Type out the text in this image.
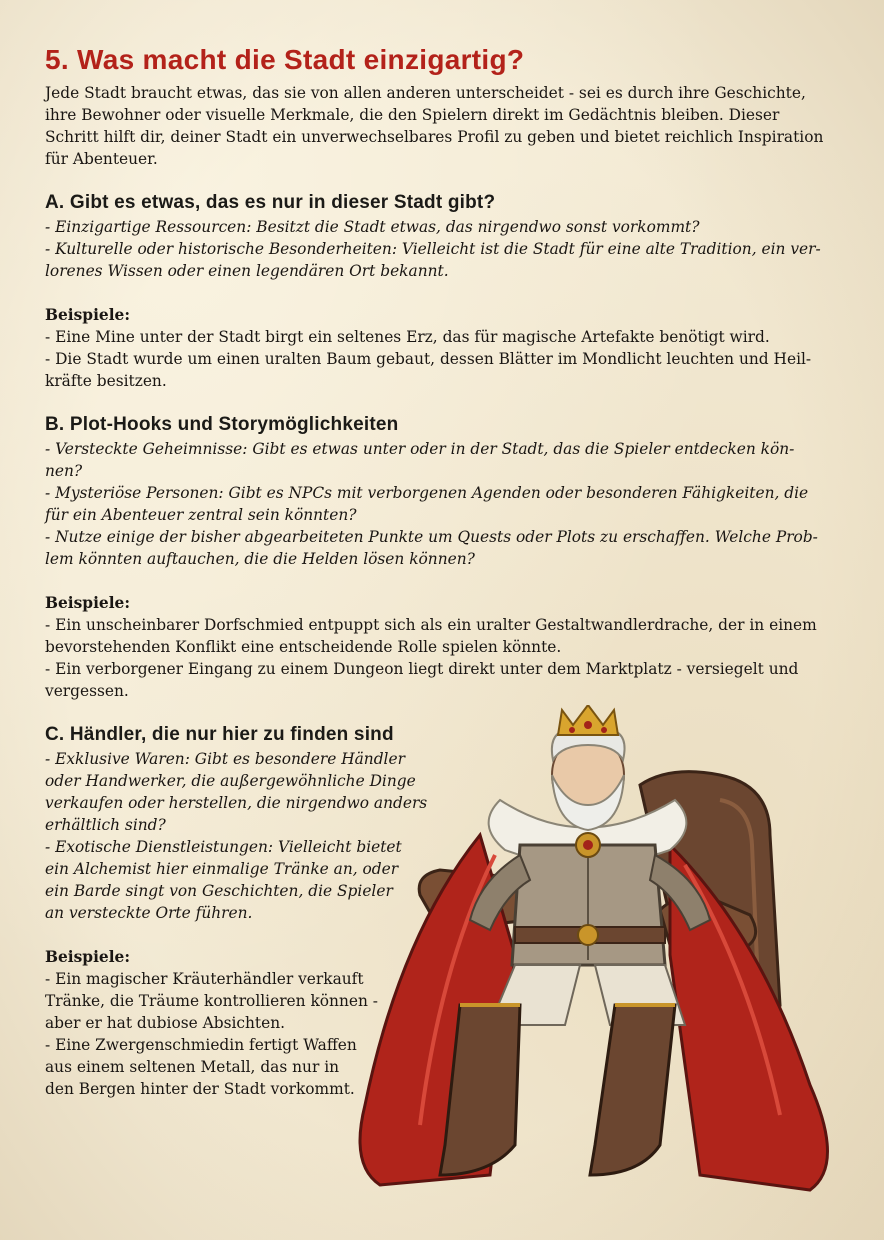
5. Was macht die Stadt einzigartig?

Jede Stadt braucht etwas, das sie von allen anderen unterscheidet - sei es durch ihre Geschichte,

ihre Bewohner oder visuelle Merkmale, die den Spielern direkt im Gedächtnis bleiben. Dieser

Schritt hilft dir, deiner Stadt ein unverwechselbares Profil zu geben und bietet reichlich Inspiration

für Abenteuer.

A. Gibt es etwas, das es nur in dieser Stadt gibt?

- Einzigartige Ressourcen: Besitzt die Stadt etwas, das nirgendwo sonst vorkommt?

- Kulturelle oder historische Besonderheiten: Vielleicht ist die Stadt für eine alte Tradition, ein ver-

lorenes Wissen oder einen legendären Ort bekannt.

Beispiele:

- Eine Mine unter der Stadt birgt ein seltenes Erz, das für magische Artefakte benötigt wird.

- Die Stadt wurde um einen uralten Baum gebaut, dessen Blätter im Mondlicht leuchten und Heil-

kräfte besitzen.

B. Plot-Hooks und Storymöglichkeiten

- Versteckte Geheimnisse: Gibt es etwas unter oder in der Stadt, das die Spieler entdecken kön-

nen?

- Mysteriöse Personen: Gibt es NPCs mit verborgenen Agenden oder besonderen Fähigkeiten, die

für ein Abenteuer zentral sein könnten?

- Nutze einige der bisher abgearbeiteten Punkte um Quests oder Plots zu erschaffen. Welche Prob-

lem könnten auftauchen, die die Helden lösen können?

Beispiele:

- Ein unscheinbarer Dorfschmied entpuppt sich als ein uralter Gestaltwandlerdrache, der in einem

bevorstehenden Konflikt eine entscheidende Rolle spielen könnte.

- Ein verborgener Eingang zu einem Dungeon liegt direkt unter dem Marktplatz - versiegelt und

vergessen.

C. Händler, die nur hier zu finden sind

- Exklusive Waren: Gibt es besondere Händler

oder Handwerker, die außergewöhnliche Dinge

verkaufen oder herstellen, die nirgendwo anders

erhältlich sind?

- Exotische Dienstleistungen: Vielleicht bietet

ein Alchemist hier einmalige Tränke an, oder

ein Barde singt von Geschichten, die Spieler

an versteckte Orte führen.

Beispiele:

- Ein magischer Kräuterhändler verkauft

Tränke, die Träume kontrollieren können -

aber er hat dubiose Absichten.

- Eine Zwergenschmiedin fertigt Waffen

aus einem seltenen Metall, das nur in

den Bergen hinter der Stadt vorkommt.
